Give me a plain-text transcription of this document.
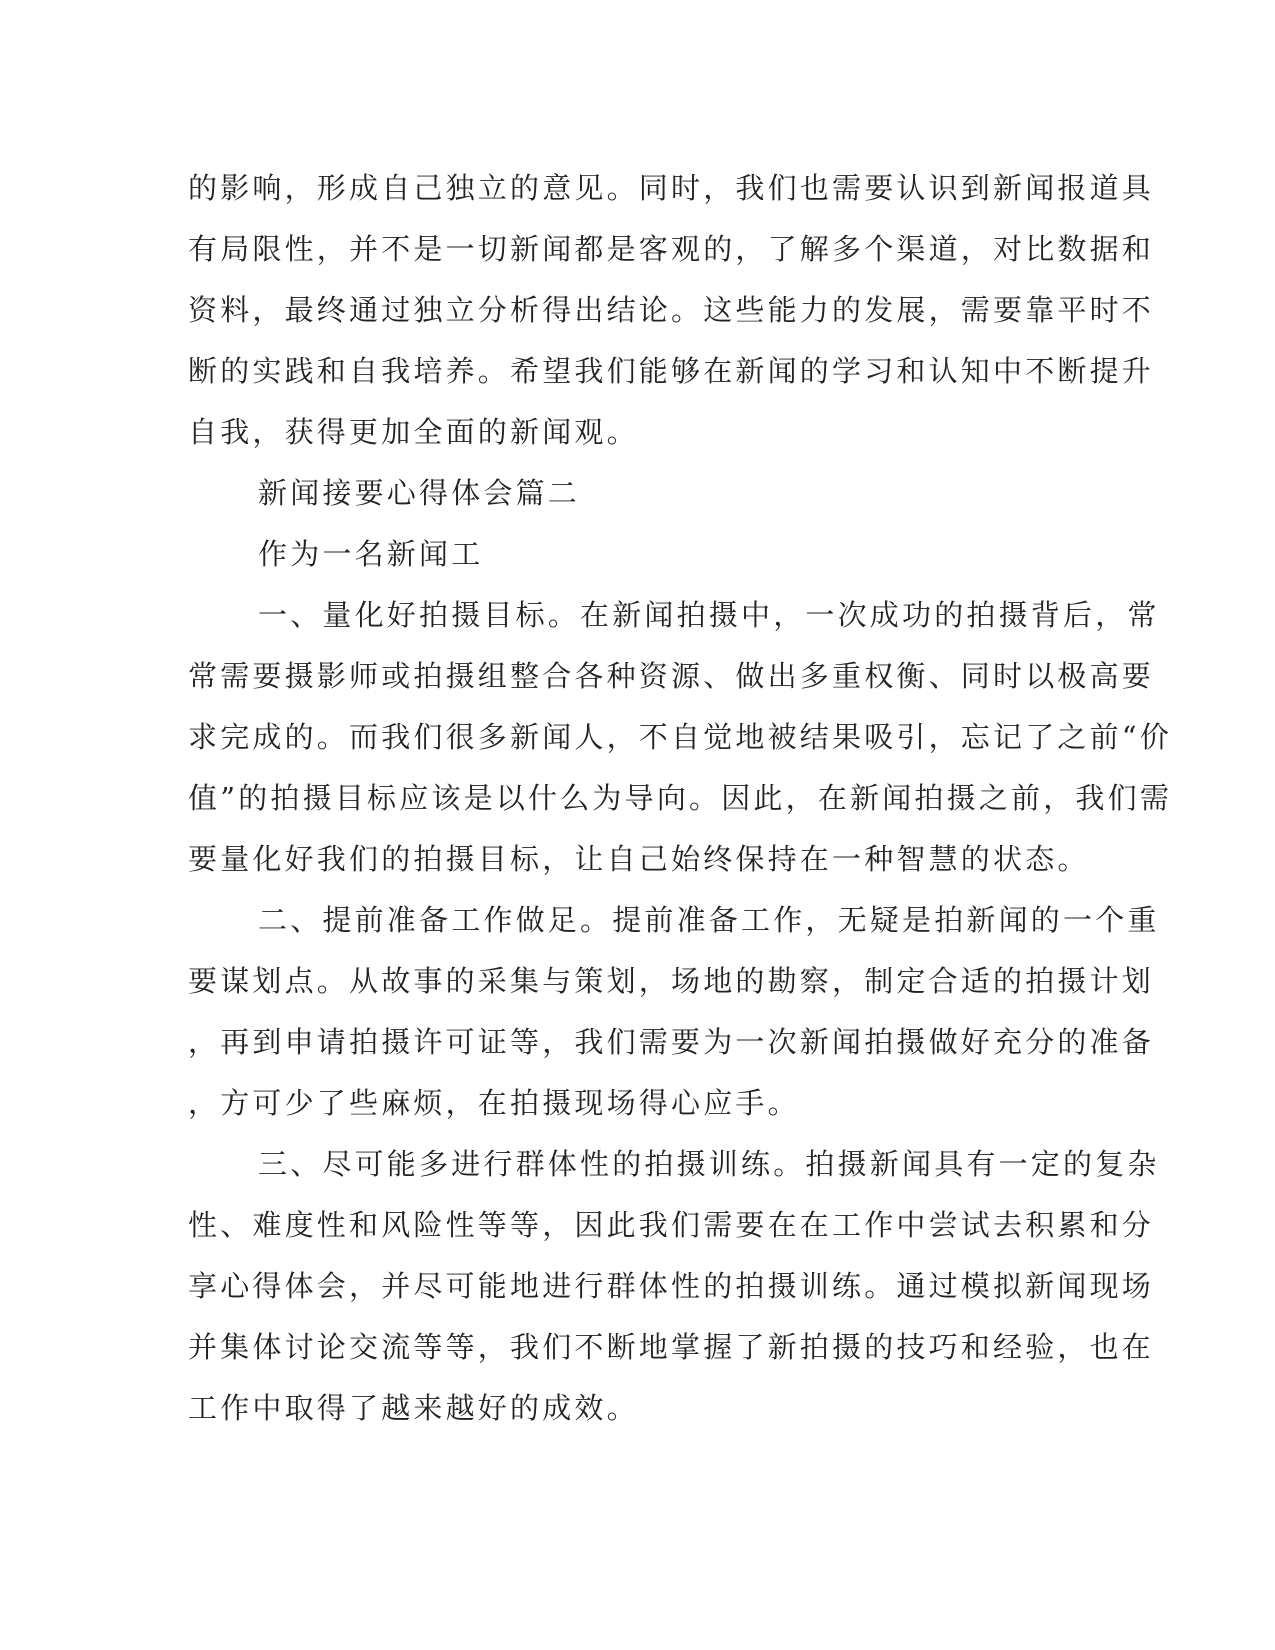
的影响，形成自己独立的意见。同时，我们也需要认识到新闻报道具
有局限性，并不是一切新闻都是客观的，了解多个渠道，对比数据和
资料，最终通过独立分析得出结论。这些能力的发展，需要靠平时不
断的实践和自我培养。希望我们能够在新闻的学习和认知中不断提升
自我，获得更加全面的新闻观。
新闻接要心得体会篇二
作为一名新闻工
一、量化好拍摄目标。在新闻拍摄中，一次成功的拍摄背后，常
常需要摄影师或拍摄组整合各种资源、做出多重权衡、同时以极高要
求完成的。而我们很多新闻人，不自觉地被结果吸引，忘记了之前“价
值”的拍摄目标应该是以什么为导向。因此，在新闻拍摄之前，我们需
要量化好我们的拍摄目标，让自己始终保持在一种智慧的状态。
二、提前准备工作做足。提前准备工作，无疑是拍新闻的一个重
要谋划点。从故事的采集与策划，场地的勘察，制定合适的拍摄计划
，再到申请拍摄许可证等，我们需要为一次新闻拍摄做好充分的准备
，方可少了些麻烦，在拍摄现场得心应手。
三、尽可能多进行群体性的拍摄训练。拍摄新闻具有一定的复杂
性、难度性和风险性等等，因此我们需要在在工作中尝试去积累和分
享心得体会，并尽可能地进行群体性的拍摄训练。通过模拟新闻现场
并集体讨论交流等等，我们不断地掌握了新拍摄的技巧和经验，也在
工作中取得了越来越好的成效。
